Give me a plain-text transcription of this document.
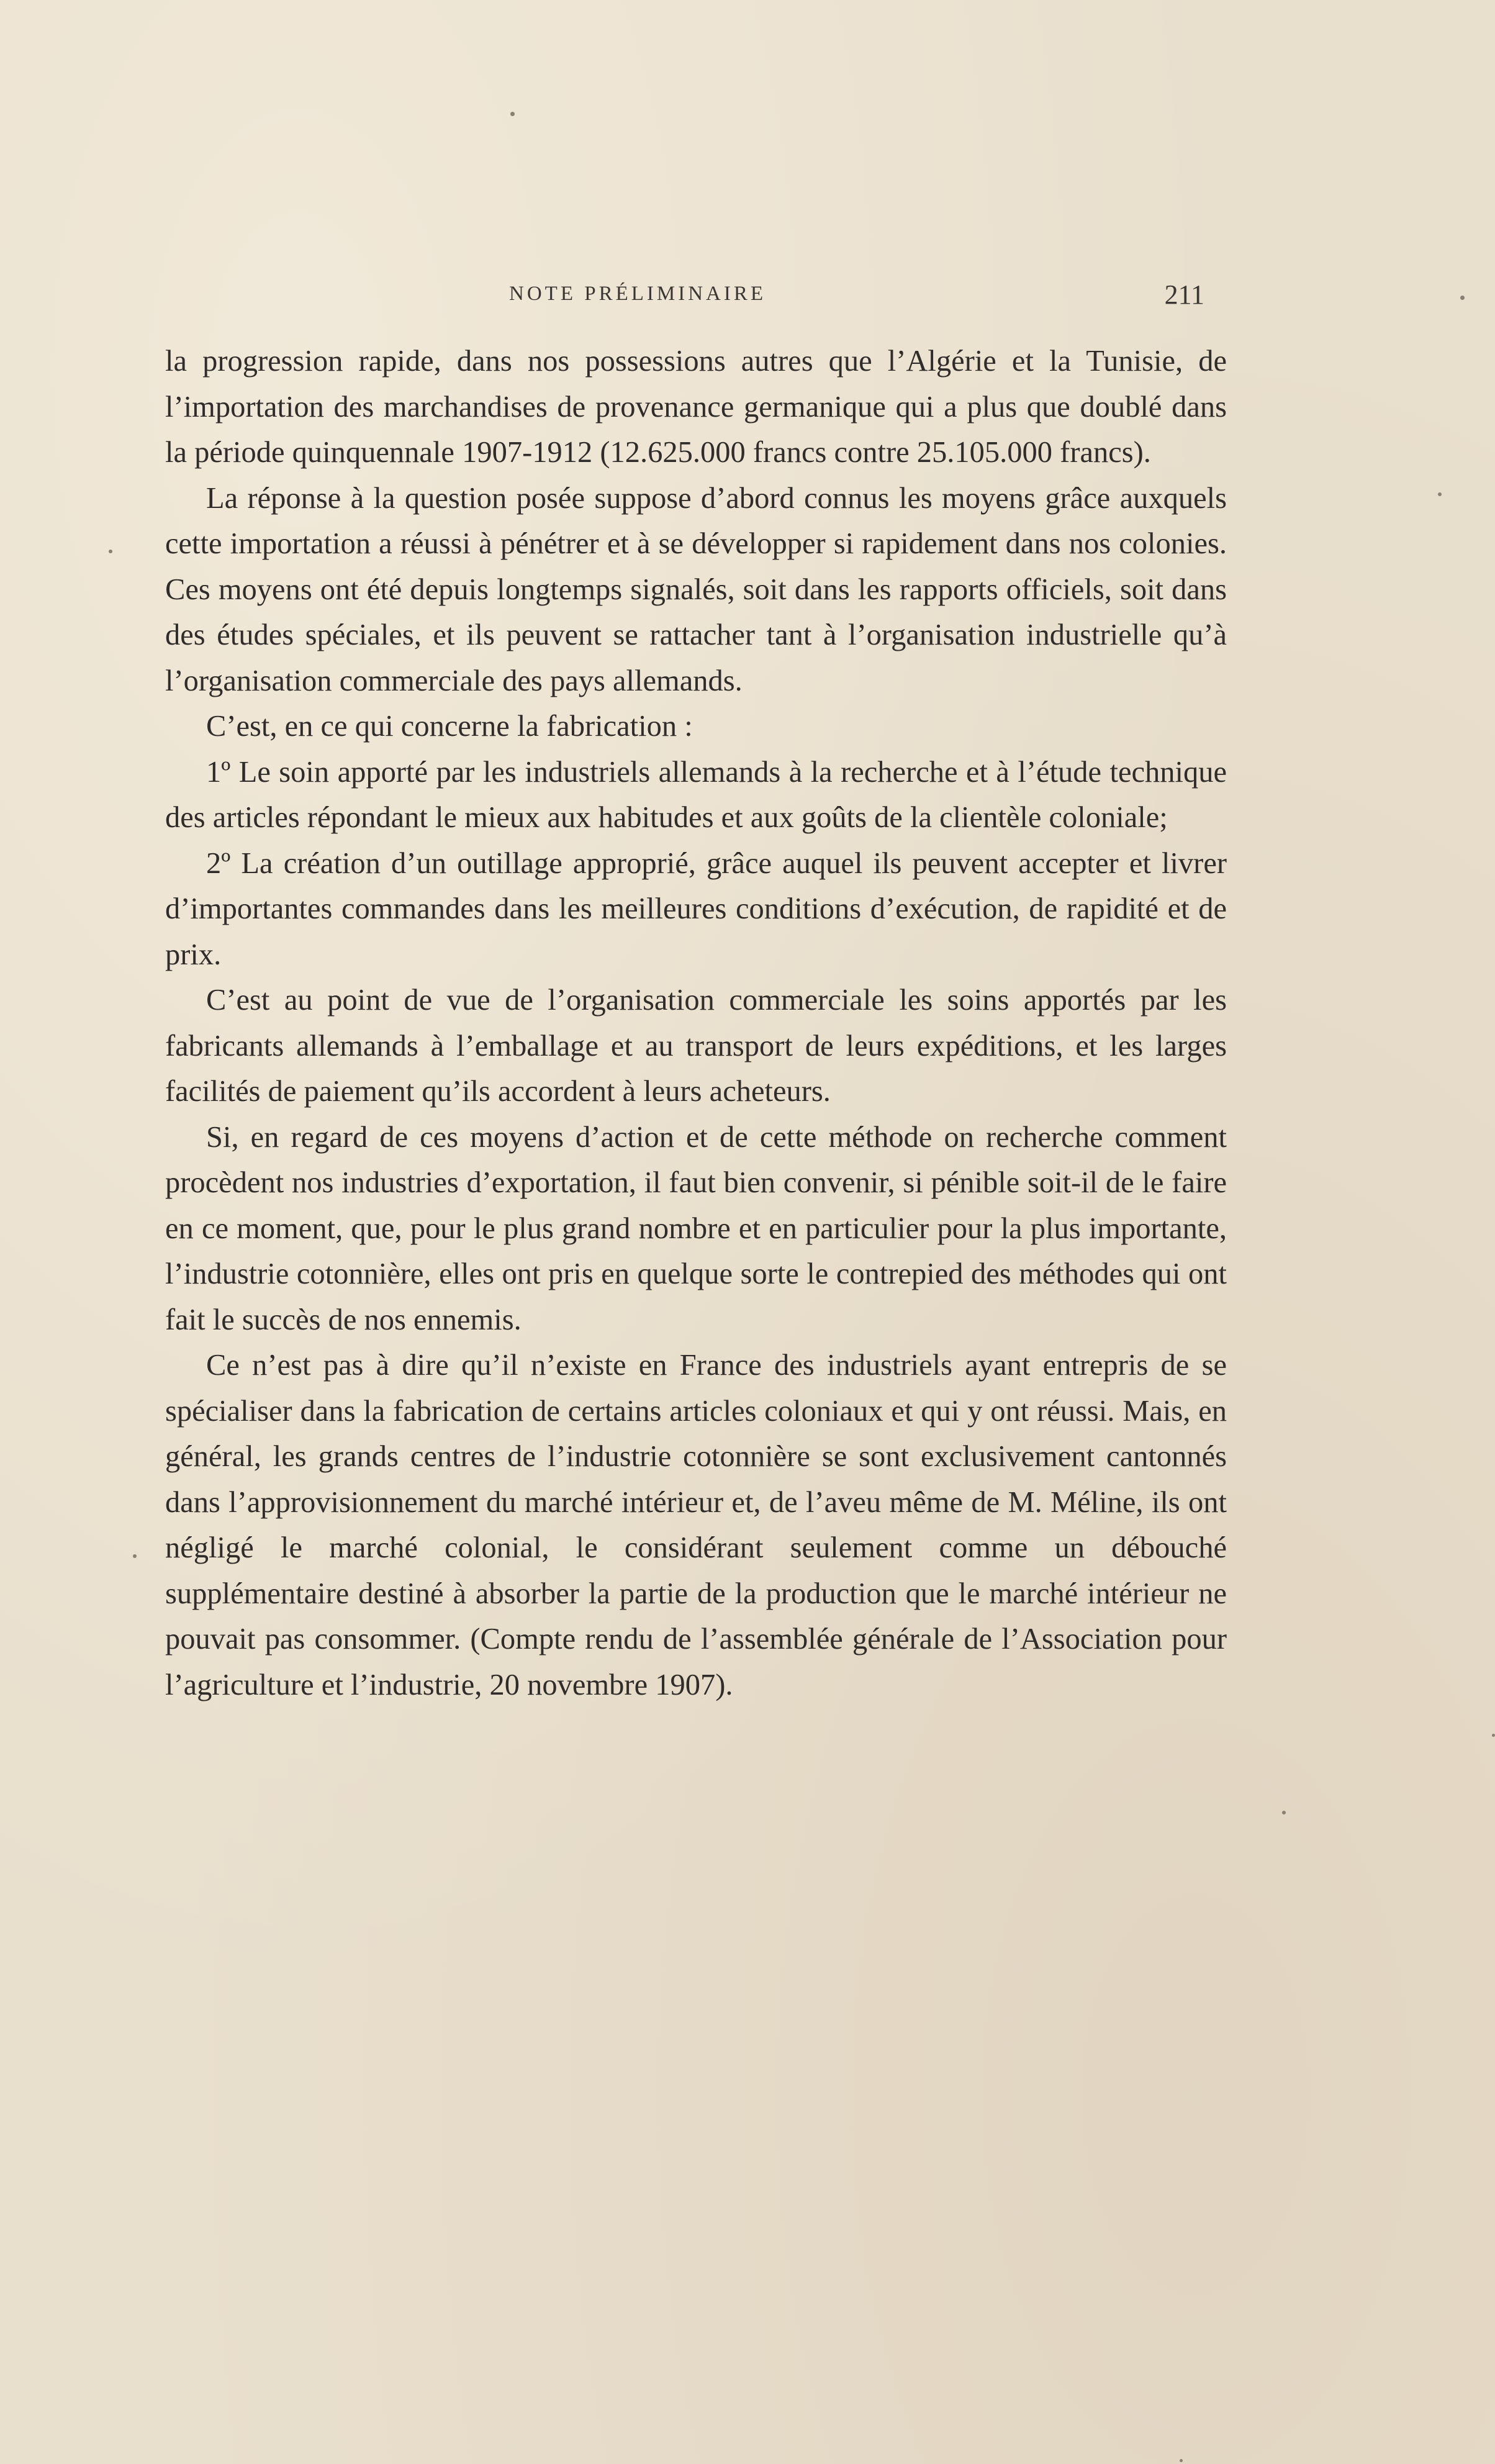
NOTE PRÉLIMINAIRE	211

la progression rapide, dans nos possessions autres que l’Algérie et la Tunisie, de l’importation des marchandises de provenance germanique qui a plus que doublé dans la période quinquennale 1907-1912 (12.625.000 francs contre 25.105.000 francs).

La réponse à la question posée suppose d’abord connus les moyens grâce auxquels cette importation a réussi à pénétrer et à se développer si rapidement dans nos colonies. Ces moyens ont été depuis longtemps signalés, soit dans les rapports officiels, soit dans des études spéciales, et ils peuvent se rattacher tant à l’organisation industrielle qu’à l’organisation commerciale des pays allemands.

C’est, en ce qui concerne la fabrication :

1º Le soin apporté par les industriels allemands à la recherche et à l’étude technique des articles répondant le mieux aux habitudes et aux goûts de la clientèle coloniale;

2º La création d’un outillage approprié, grâce auquel ils peuvent accepter et livrer d’importantes commandes dans les meilleures conditions d’exécution, de rapidité et de prix.

C’est au point de vue de l’organisation commerciale les soins apportés par les fabricants allemands à l’emballage et au transport de leurs expéditions, et les larges facilités de paiement qu’ils accordent à leurs acheteurs.

Si, en regard de ces moyens d’action et de cette méthode on recherche comment procèdent nos industries d’exportation, il faut bien convenir, si pénible soit-il de le faire en ce moment, que, pour le plus grand nombre et en particulier pour la plus importante, l’industrie cotonnière, elles ont pris en quelque sorte le contrepied des méthodes qui ont fait le succès de nos ennemis.

Ce n’est pas à dire qu’il n’existe en France des industriels ayant entrepris de se spécialiser dans la fabrication de certains articles coloniaux et qui y ont réussi. Mais, en général, les grands centres de l’industrie cotonnière se sont exclusivement cantonnés dans l’approvisionnement du marché intérieur et, de l’aveu même de M. Méline, ils ont négligé le marché colonial, le considérant seulement comme un débouché supplémentaire destiné à absorber la partie de la production que le marché intérieur ne pouvait pas consommer. (Compte rendu de l’assemblée générale de l’Association pour l’agriculture et l’industrie, 20 novembre 1907).
